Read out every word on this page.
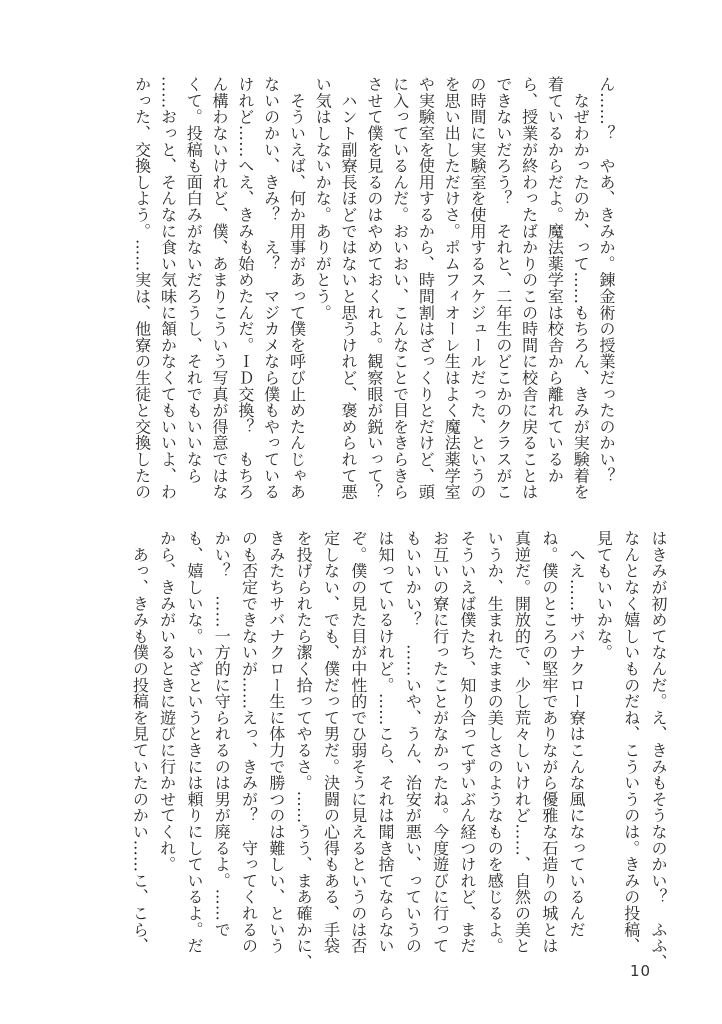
ん……？　やあ、きみか。錬金術の授業だったのかい？
　なぜわかったのか、って……もちろん、きみが実験着を
着ているからだよ。魔法薬学室は校舎から離れているか
ら、授業が終わったばかりのこの時間に校舎に戻ることは
できないだろう？　それと、二年生のどこかのクラスがこ
の時間に実験室を使用するスケジュールだった、というの
を思い出しただけさ。ポムフィオーレ生はよく魔法薬学室
や実験室を使用するから、時間割はざっくりとだけど、頭
に入っているんだ。おいおい、こんなことで目をきらきら
させて僕を見るのはやめておくれよ。観察眼が鋭いって？
　ハント副寮長ほどではないと思うけれど、褒められて悪
い気はしないかな。ありがとう。
　そういえば、何か用事があって僕を呼び止めたんじゃあ
ないのかい、きみ？　え？　マジカメなら僕もやっている
けれど……へえ、きみも始めたんだ。ＩＤ交換？　もちろ
ん構わないけれど、僕、あまりこういう写真が得意ではな
くて。投稿も面白みがないだろうし、それでもいいなら
……おっと、そんなに食い気味に頷かなくてもいいよ、わ
かった、交換しよう。……実は、他寮の生徒と交換したの
はきみが初めてなんだ。え、きみもそうなのかい？　ふふ、
なんとなく嬉しいものだね、こういうのは。きみの投稿、
見てもいいかな。
　へえ……サバナクロー寮はこんな風になっているんだ
ね。僕のところの堅牢でありながら優雅な石造りの城とは
真逆だ。開放的で、少し荒々しいけれど……、自然の美と
いうか、生まれたままの美しさのようなものを感じるよ。
そういえば僕たち、知り合ってずいぶん経つけれど、まだ
お互いの寮に行ったことがなかったね。今度遊びに行って
もいいかい？　……いや、うん、治安が悪い、っていうの
は知っているけれど。……こら、それは聞き捨てならない
ぞ。僕の見た目が中性的でひ弱そうに見えるというのは否
定しない、でも、僕だって男だ。決闘の心得もある、手袋
を投げられたら潔く拾ってやるさ。……うう、まあ確かに、
きみたちサバナクロー生に体力で勝つのは難しい、という
のも否定できないが……えっ、きみが？　守ってくれるの
かい？　……一方的に守られるのは男が廃るよ。……で
も、嬉しいな。いざというときには頼りにしているよ。だ
から、きみがいるときに遊びに行かせてくれ。
　あっ、きみも僕の投稿を見ていたのかい……こ、こら、
10
